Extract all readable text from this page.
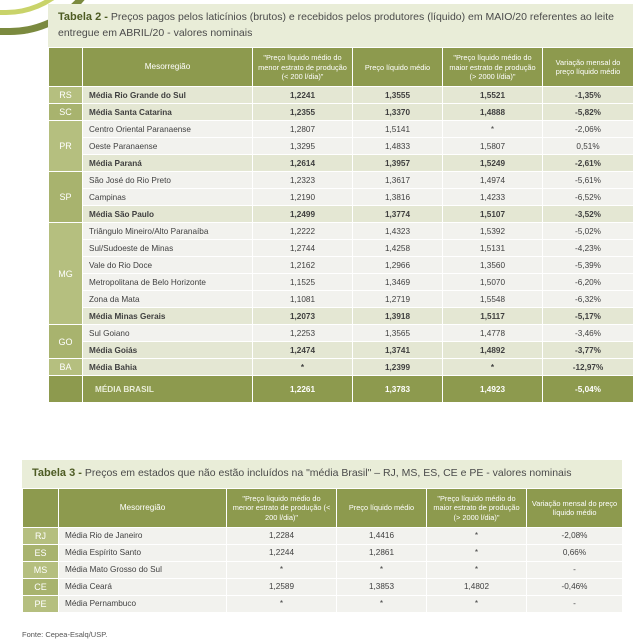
Tabela 2 - Preços pagos pelos laticínios (brutos) e recebidos pelos produtores (líquido) em MAIO/20 referentes ao leite entregue em ABRIL/20 - valores nominais
	Mesorregião	"Preço líquido médio do menor estrato de produção (< 200 l/dia)"	Preço líquido médio	"Preço líquido médio do maior estrato de produção (> 2000 l/dia)"	Variação mensal do preço líquido médio
RS	Média Rio Grande do Sul	1,2241	1,3555	1,5521	-1,35%
SC	Média Santa Catarina	1,2355	1,3370	1,4888	-5,82%
PR	Centro Oriental Paranaense	1,2807	1,5141	*	-2,06%
	Oeste Paranaense	1,3295	1,4833	1,5807	0,51%
	Média Paraná	1,2614	1,3957	1,5249	-2,61%
SP	São José do Rio Preto	1,2323	1,3617	1,4974	-5,61%
	Campinas	1,2190	1,3816	1,4233	-6,52%
	Média São Paulo	1,2499	1,3774	1,5107	-3,52%
MG	Triângulo Mineiro/Alto Paranaíba	1,2222	1,4323	1,5392	-5,02%
	Sul/Sudoeste de Minas	1,2744	1,4258	1,5131	-4,23%
	Vale do Rio Doce	1,2162	1,2966	1,3560	-5,39%
	Metropolitana de Belo Horizonte	1,1525	1,3469	1,5070	-6,20%
	Zona da Mata	1,1081	1,2719	1,5548	-6,32%
	Média Minas Gerais	1,2073	1,3918	1,5117	-5,17%
GO	Sul Goiano	1,2253	1,3565	1,4778	-3,46%
	Média Goiás	1,2474	1,3741	1,4892	-3,77%
BA	Média Bahia	*	1,2399	*	-12,97%
	MÉDIA BRASIL	1,2261	1,3783	1,4923	-5,04%
Tabela 3 - Preços em estados que não estão incluídos na "média Brasil" – RJ, MS, ES, CE e PE - valores nominais
	Mesorregião	"Preço líquido médio do menor estrato de produção (< 200 l/dia)"	Preço líquido médio	"Preço líquido médio do maior estrato de produção (> 2000 l/dia)"	Variação mensal do preço líquido médio
RJ	Média Rio de Janeiro	1,2284	1,4416	*	-2,08%
ES	Média Espírito Santo	1,2244	1,2861	*	0,66%
MS	Média Mato Grosso do Sul	*	*	*	-
CE	Média Ceará	1,2589	1,3853	1,4802	-0,46%
PE	Média Pernambuco	*	*	*	-
Fonte: Cepea-Esalq/USP.
